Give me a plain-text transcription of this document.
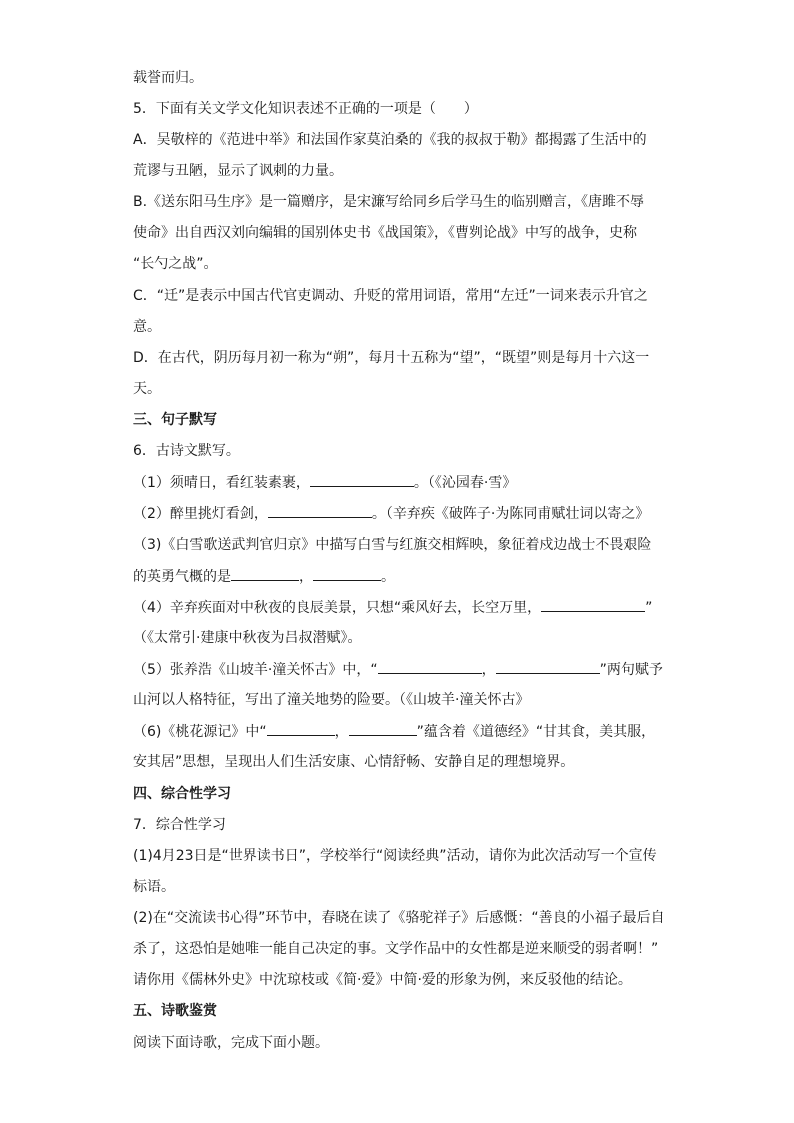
载誉而归。
5．下面有关文学文化知识表述不正确的一项是（　　）
A．吴敬梓的《范进中举》和法国作家莫泊桑的《我的叔叔于勒》都揭露了生活中的
荒谬与丑陋，显示了讽刺的力量。
B.《送东阳马生序》是一篇赠序，是宋濂写给同乡后学马生的临别赠言，《唐雎不辱
使命》出自西汉刘向编辑的国别体史书《战国策》，《曹刿论战》中写的战争，史称
“长勺之战”。
C．“迁”是表示中国古代官吏调动、升贬的常用词语，常用“左迁”一词来表示升官之
意。
D．在古代，阴历每月初一称为“朔”，每月十五称为“望”，“既望”则是每月十六这一
天。
三、句子默写
6．古诗文默写。
（1）须晴日，看红装素裹，	。（《沁园春·雪》
（2）醉里挑灯看剑，	。（辛弃疾《破阵子·为陈同甫赋壮词以寄之》
（3)《白雪歌送武判官归京》中描写白雪与红旗交相辉映，象征着戍边战士不畏艰险
的英勇气概的是	，	。
（4）辛弃疾面对中秋夜的良辰美景，只想“乘风好去，长空万里，	”
（《太常引·建康中秋夜为吕叔潜赋》。
（5）张养浩《山坡羊·潼关怀古》中，“	，	”两句赋予
山河以人格特征，写出了潼关地势的险要。（《山坡羊·潼关怀古》
（6)《桃花源记》中“	，	”蕴含着《道德经》“甘其食，美其服，
安其居”思想，呈现出人们生活安康、心情舒畅、安静自足的理想境界。
四、综合性学习
7．综合性学习
(1)4月23日是“世界读书日”，学校举行“阅读经典”活动，请你为此次活动写一个宣传
标语。
(2)在“交流读书心得”环节中，春晓在读了《骆驼祥子》后感慨：“善良的小福子最后自
杀了，这恐怕是她唯一能自己决定的事。文学作品中的女性都是逆来顺受的弱者啊！”
请你用《儒林外史》中沈琼枝或《简·爱》中简·爱的形象为例，来反驳他的结论。
五、诗歌鉴赏
阅读下面诗歌，完成下面小题。
